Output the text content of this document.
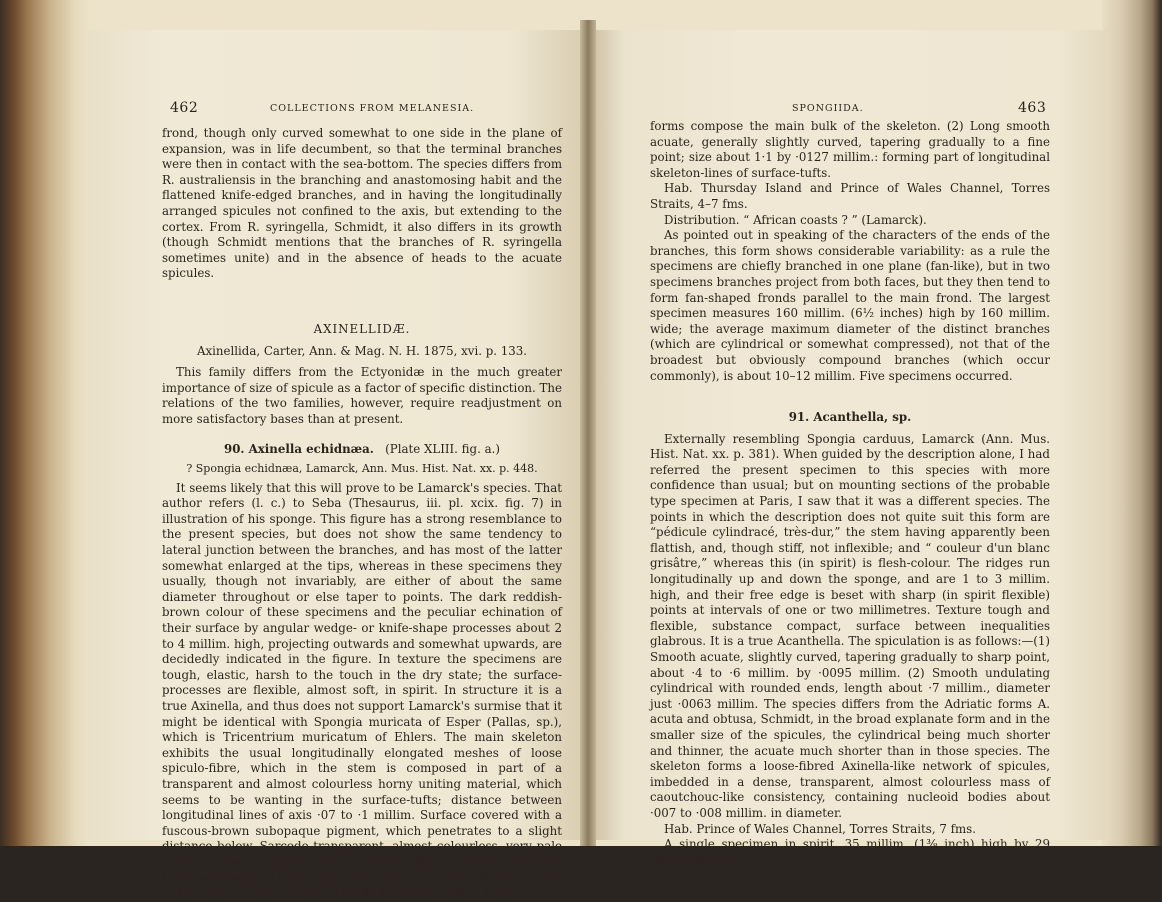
462	COLLECTIONS FROM MELANESIA.

frond, though only curved somewhat to one side in the plane of expansion, was in life decumbent, so that the terminal branches were then in contact with the sea-bottom. The species differs from R. australiensis in the branching and anastomosing habit and the flattened knife-edged branches, and in having the longitudinally arranged spicules not confined to the axis, but extending to the cortex. From R. syringella, Schmidt, it also differs in its growth (though Schmidt mentions that the branches of R. syringella sometimes unite) and in the absence of heads to the acuate spicules.

AXINELLIDÆ.

Axinellida, Carter, Ann. & Mag. N. H. 1875, xvi. p. 133.

This family differs from the Ectyonidæ in the much greater importance of size of spicule as a factor of specific distinction. The relations of the two families, however, require readjustment on more satisfactory bases than at present.

90. Axinella echidnæa. (Plate XLIII. fig. a.)

? Spongia echidnæa, Lamarck, Ann. Mus. Hist. Nat. xx. p. 448.

It seems likely that this will prove to be Lamarck's species. That author refers (l. c.) to Seba (Thesaurus, iii. pl. xcix. fig. 7) in illustration of his sponge. This figure has a strong resemblance to the present species, but does not show the same tendency to lateral junction between the branches, and has most of the latter somewhat enlarged at the tips, whereas in these specimens they usually, though not invariably, are either of about the same diameter throughout or else taper to points. The dark reddish-brown colour of these specimens and the peculiar echination of their surface by angular wedge- or knife-shape processes about 2 to 4 millim. high, projecting outwards and somewhat upwards, are decidedly indicated in the figure. In texture the specimens are tough, elastic, harsh to the touch in the dry state; the surface-processes are flexible, almost soft, in spirit. In structure it is a true Axinella, and thus does not support Lamarck's surmise that it might be identical with Spongia muricata of Esper (Pallas, sp.), which is Tricentrium muricatum of Ehlers. The main skeleton exhibits the usual longitudinally elongated meshes of loose spiculo-fibre, which in the stem is composed in part of a transparent and almost colourless horny uniting material, which seems to be wanting in the surface-tufts; distance between longitudinal lines of axis ·07 to ·1 millim. Surface covered with a fuscous-brown subopaque pigment, which penetrates to a slight distance below. Sarcode transparent, almost colourless, very pale reddish brown. Spicules:—(1) Smooth, slightly curved acerate, tapering gradually to sharp points, or more or less blunted at one or both ends; size ·3 by ·0095 to ·44 by ·0127 millim.: these

SPONGIIDA.	463

forms compose the main bulk of the skeleton. (2) Long smooth acuate, generally slightly curved, tapering gradually to a fine point; size about 1·1 by ·0127 millim.: forming part of longitudinal skeleton-lines of surface-tufts.

Hab. Thursday Island and Prince of Wales Channel, Torres Straits, 4–7 fms.

Distribution. “ African coasts ? ” (Lamarck).

As pointed out in speaking of the characters of the ends of the branches, this form shows considerable variability: as a rule the specimens are chiefly branched in one plane (fan-like), but in two specimens branches project from both faces, but they then tend to form fan-shaped fronds parallel to the main frond. The largest specimen measures 160 millim. (6½ inches) high by 160 millim. wide; the average maximum diameter of the distinct branches (which are cylindrical or somewhat compressed), not that of the broadest but obviously compound branches (which occur commonly), is about 10–12 millim. Five specimens occurred.

91. Acanthella, sp.

Externally resembling Spongia carduus, Lamarck (Ann. Mus. Hist. Nat. xx. p. 381). When guided by the description alone, I had referred the present specimen to this species with more confidence than usual; but on mounting sections of the probable type specimen at Paris, I saw that it was a different species. The points in which the description does not quite suit this form are “pédicule cylindracé, très-dur,” the stem having apparently been flattish, and, though stiff, not inflexible; and “ couleur d'un blanc grisâtre,” whereas this (in spirit) is flesh-colour. The ridges run longitudinally up and down the sponge, and are 1 to 3 millim. high, and their free edge is beset with sharp (in spirit flexible) points at intervals of one or two millimetres. Texture tough and flexible, substance compact, surface between inequalities glabrous. It is a true Acanthella. The spiculation is as follows:—(1) Smooth acuate, slightly curved, tapering gradually to sharp point, about ·4 to ·6 millim. by ·0095 millim. (2) Smooth undulating cylindrical with rounded ends, length about ·7 millim., diameter just ·0063 millim. The species differs from the Adriatic forms A. acuta and obtusa, Schmidt, in the broad explanate form and in the smaller size of the spicules, the cylindrical being much shorter and thinner, the acuate much shorter than in those species. The skeleton forms a loose-fibred Axinella-like network of spicules, imbedded in a dense, transparent, almost colourless mass of caoutchouc-like consistency, containing nucleoid bodies about ·007 to ·008 millim. in diameter.

Hab. Prince of Wales Channel, Torres Straits, 7 fms.

A single specimen in spirit, 35 millim. (1⅜ inch) high by 29 millim. across.
